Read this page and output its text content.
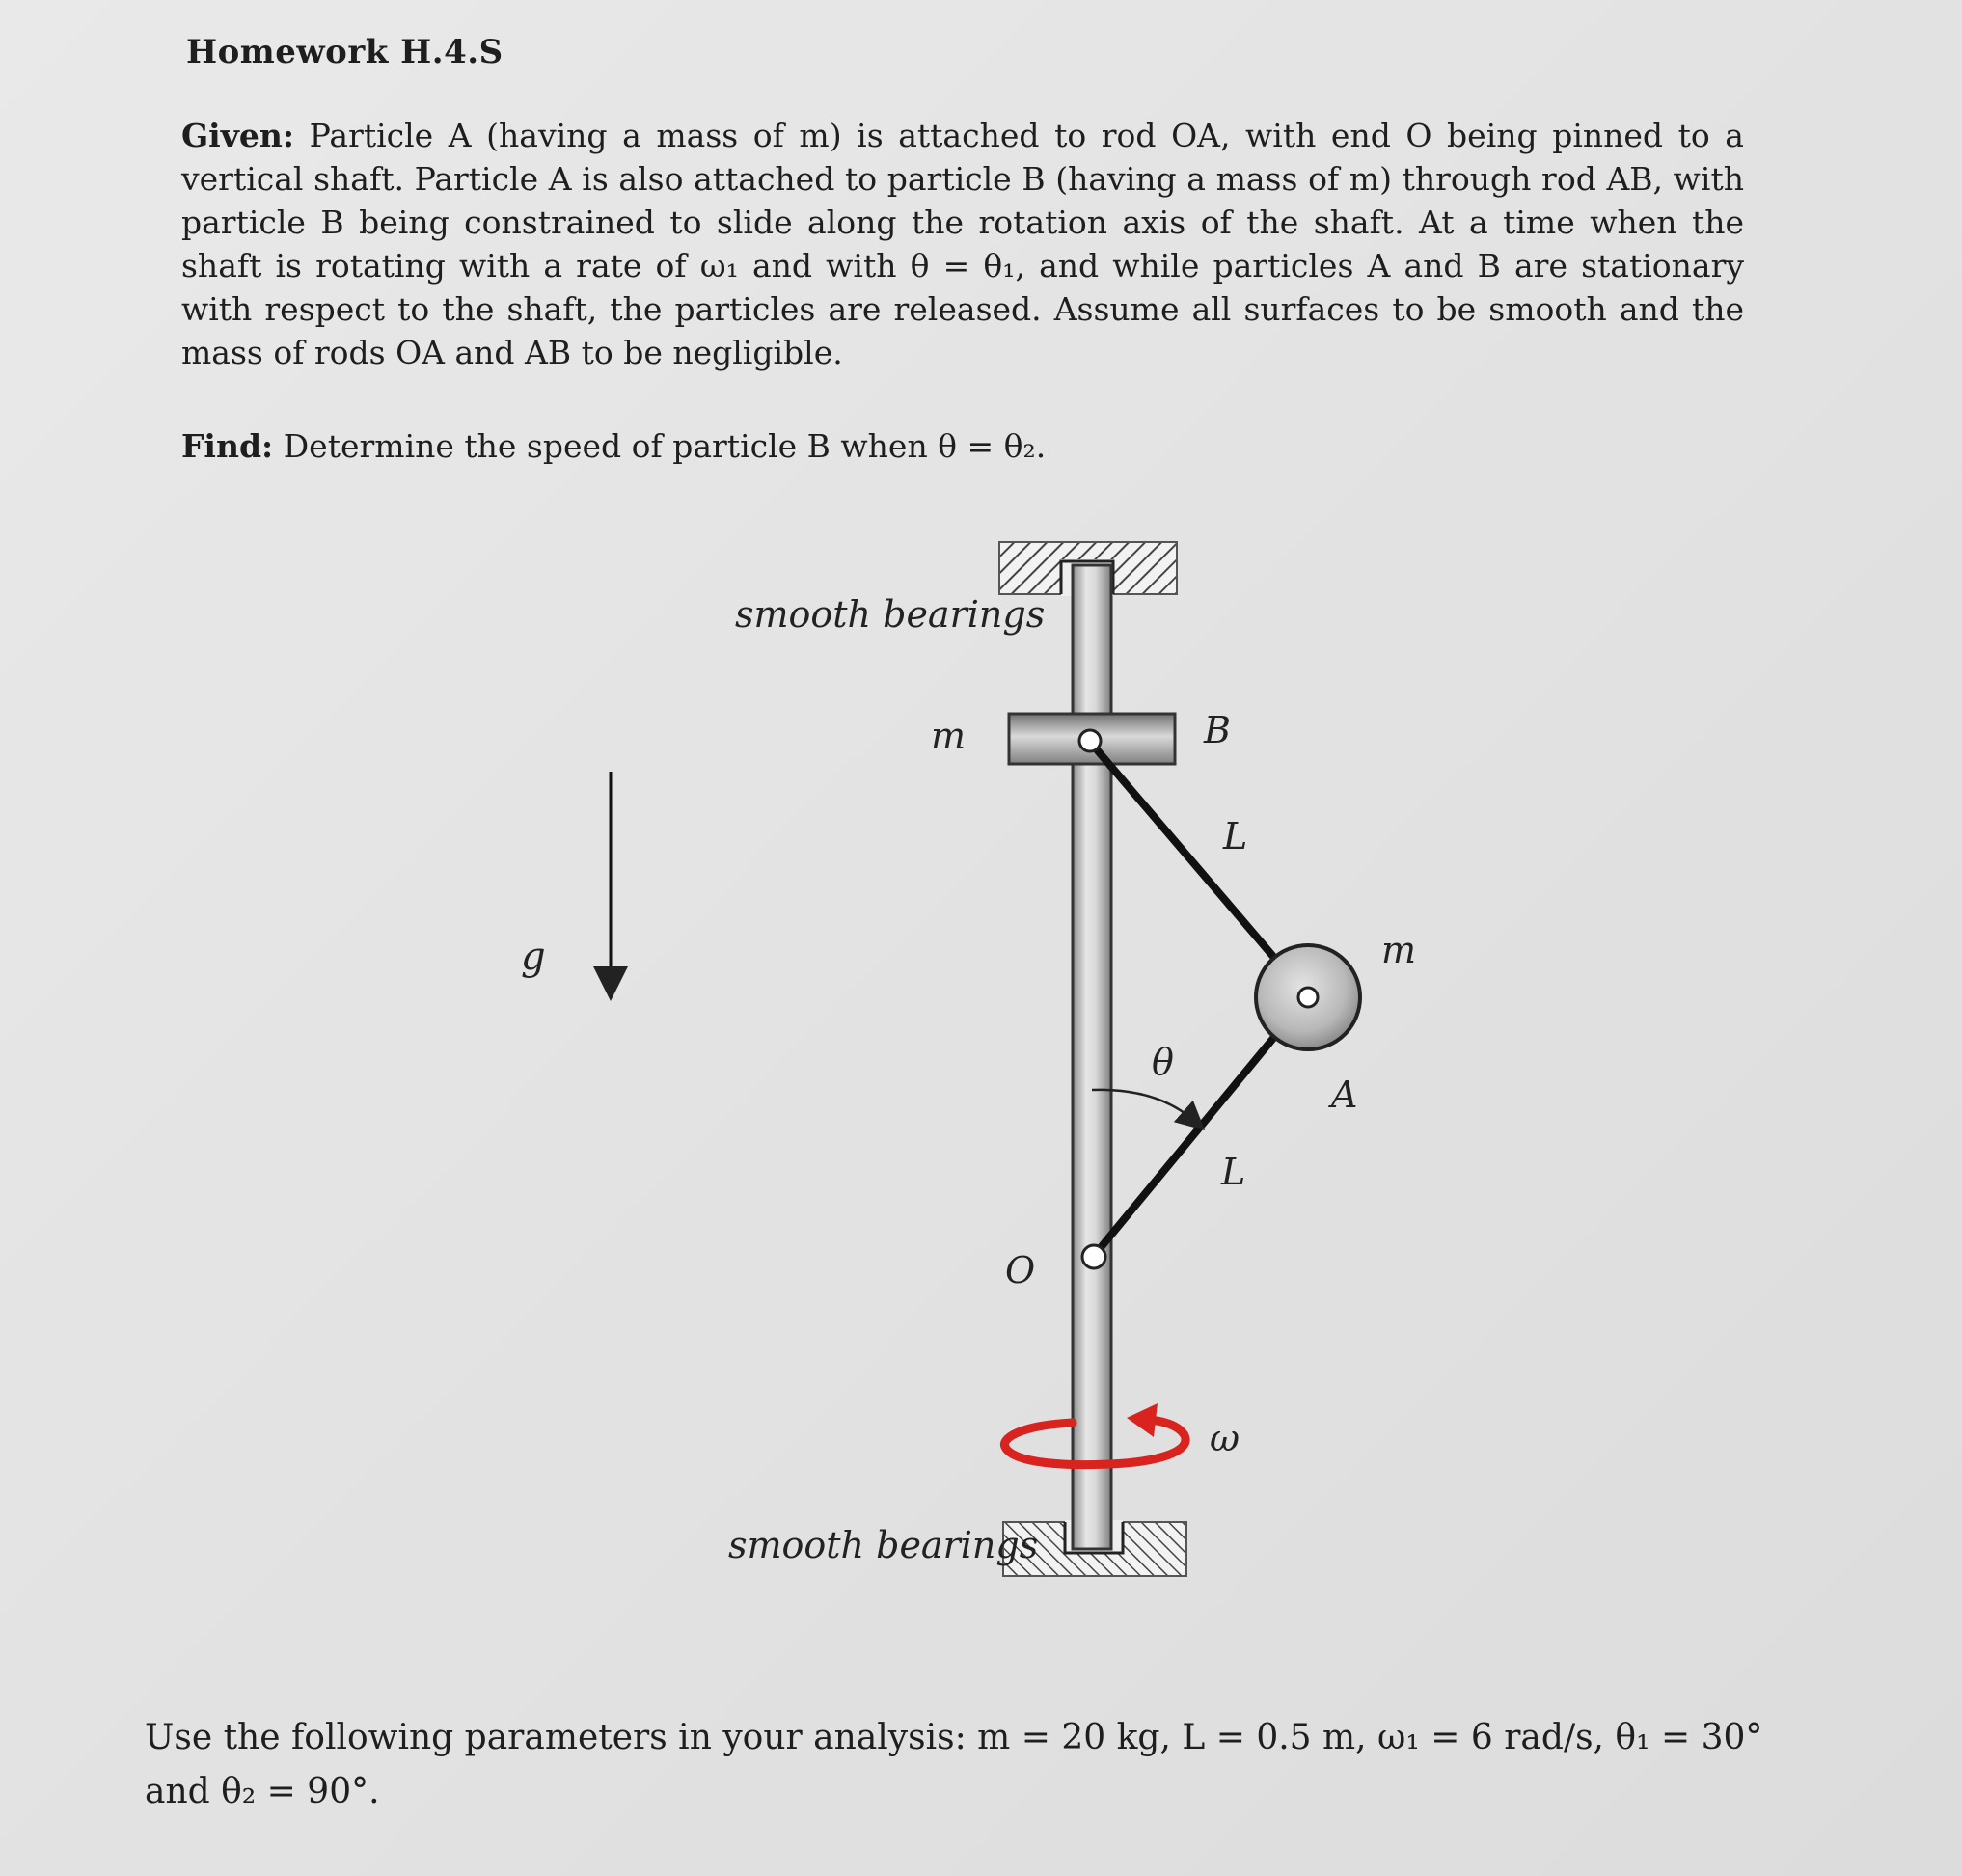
Homework H.4.S
Given: Particle A (having a mass of m) is attached to rod OA, with end O being pinned to a vertical shaft. Particle A is also attached to particle B (having a mass of m) through rod AB, with particle B being constrained to slide along the rotation axis of the shaft. At a time when the shaft is rotating with a rate of ω₁ and with θ = θ₁, and while particles A and B are stationary with respect to the shaft, the particles are released. Assume all surfaces to be smooth and the mass of rods OA and AB to be negligible.
Find: Determine the speed of particle B when θ = θ₂.
smooth bearings
smooth bearings
m
m
B
A
O
L
L
θ
ω
g
Use the following parameters in your analysis: m = 20 kg, L = 0.5 m, ω₁ = 6 rad/s, θ₁ = 30° and θ₂ = 90°.
